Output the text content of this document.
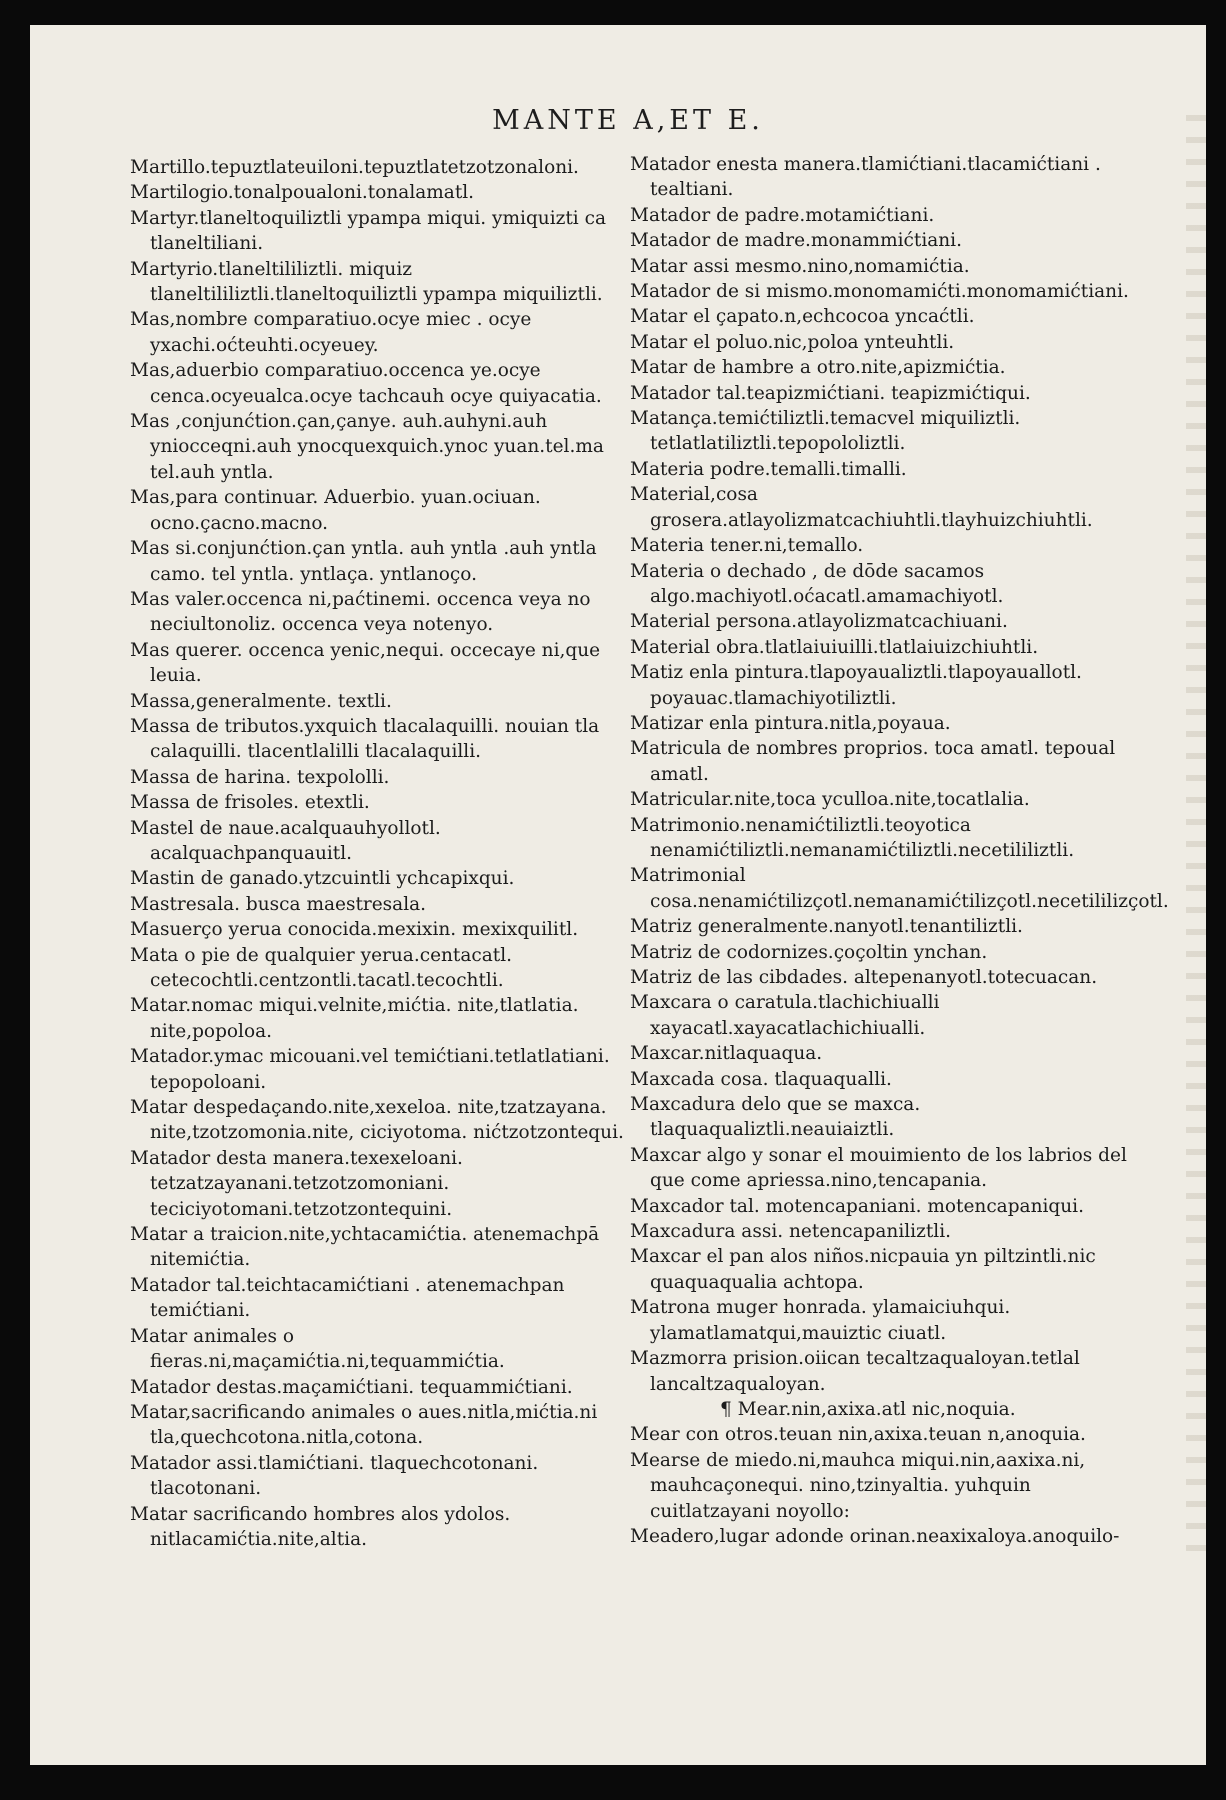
MANTE A,ET E.

Martillo.tepuztlateuiloni.tepuztlatetzotzonaloni.

Martilogio.tonalpoualoni.tonalamatl.

Martyr.tlaneltoquiliztli ypampa miqui. ymiquizti ca tlaneltiliani.

Martyrio.tlaneltililiztli. miquiz tlaneltililiztli.tlaneltoquiliztli ypampa miquiliztli.

Mas,nombre comparatiuo.ocye miec . ocye yxachi.oćteuhti.ocyeuey.

Mas,aduerbio comparatiuo.occenca ye.ocye cenca.ocyeualca.ocye tachcauh ocye quiyacatia.

Mas ,conjunćtion.çan,çanye. auh.auhyni.auh yniocceqni.auh ynocquexquich.ynoc yuan.tel.ma tel.auh yntla.

Mas,para continuar. Aduerbio. yuan.ociuan. ocno.çacno.macno.

Mas si.conjunćtion.çan yntla. auh yntla .auh yntla camo. tel yntla. yntlaça. yntlanoço.

Mas valer.occenca ni,paćtinemi. occenca veya no neciultonoliz. occenca veya notenyo.

Mas querer. occenca yenic,nequi. occecaye ni,que leuia.

Massa,generalmente. textli.

Massa de tributos.yxquich tlacalaquilli. nouian tla calaquilli. tlacentlalilli tlacalaquilli.

Massa de harina. texpololli.

Massa de frisoles. etextli.

Mastel de naue.acalquauhyollotl. acalquachpanquauitl.

Mastin de ganado.ytzcuintli ychcapixqui.

Mastresala. busca maestresala.

Masuerço yerua conocida.mexixin. mexixquilitl.

Mata o pie de qualquier yerua.centacatl. cetecochtli.centzontli.tacatl.tecochtli.

Matar.nomac miqui.velnite,mićtia. nite,tlatlatia. nite,popoloa.

Matador.ymac micouani.vel temićtiani.tetlatlatiani. tepopoloani.

Matar despedaçando.nite,xexeloa. nite,tzatzayana. nite,tzotzomonia.nite, ciciyotoma. nićtzotzontequi.

Matador desta manera.texexeloani. tetzatzayanani.tetzotzomoniani. teciciyotomani.tetzotzontequini.

Matar a traicion.nite,ychtacamićtia. atenemachpā nitemićtia.

Matador tal.teichtacamićtiani . atenemachpan temićtiani.

Matar animales o fieras.ni,maçamićtia.ni,tequammićtia.

Matador destas.maçamićtiani. tequammićtiani.

Matar,sacrificando animales o aues.nitla,mićtia.ni tla,quechcotona.nitla,cotona.

Matador assi.tlamićtiani. tlaquechcotonani. tlacotonani.

Matar sacrificando hombres alos ydolos. nitlacamićtia.nite,altia.

Matador enesta manera.tlamićtiani.tlacamićtiani . tealtiani.

Matador de padre.motamićtiani.

Matador de madre.monammićtiani.

Matar assi mesmo.nino,nomamićtia.

Matador de si mismo.monomamićti.monomamićtiani.

Matar el çapato.n,echcocoa yncaćtli.

Matar el poluo.nic,poloa ynteuhtli.

Matar de hambre a otro.nite,apizmićtia.

Matador tal.teapizmićtiani. teapizmićtiqui.

Matança.temićtiliztli.temacvel miquiliztli. tetlatlatiliztli.tepopololiztli.

Materia podre.temalli.timalli.

Material,cosa grosera.atlayolizmatcachiuhtli.tlayhuizchiuhtli.

Materia tener.ni,temallo.

Materia o dechado , de dōde sacamos algo.machiyotl.oćacatl.amamachiyotl.

Material persona.atlayolizmatcachiuani.

Material obra.tlatlaiuiuilli.tlatlaiuizchiuhtli.

Matiz enla pintura.tlapoyaualiztli.tlapoyauallotl. poyauac.tlamachiyotiliztli.

Matizar enla pintura.nitla,poyaua.

Matricula de nombres proprios. toca amatl. tepoual amatl.

Matricular.nite,toca yculloa.nite,tocatlalia.

Matrimonio.nenamićtiliztli.teoyotica nenamićtiliztli.nemanamićtiliztli.necetililiztli.

Matrimonial cosa.nenamićtilizçotl.nemanamićtilizçotl.necetililizçotl.

Matriz generalmente.nanyotl.tenantiliztli.

Matriz de codornizes.çoçoltin ynchan.

Matriz de las cibdades. altepenanyotl.totecuacan.

Maxcara o caratula.tlachichiualli xayacatl.xayacatlachichiualli.

Maxcar.nitlaquaqua.

Maxcada cosa. tlaquaqualli.

Maxcadura delo que se maxca. tlaquaqualiztli.neauiaiztli.

Maxcar algo y sonar el mouimiento de los labrios del que come apriessa.nino,tencapania.

Maxcador tal. motencapaniani. motencapaniqui.

Maxcadura assi. netencapaniliztli.

Maxcar el pan alos niños.nicpauia yn piltzintli.nic quaquaqualia achtopa.

Matrona muger honrada. ylamaiciuhqui. ylamatlamatqui,mauiztic ciuatl.

Mazmorra prision.oiican tecaltzaqualoyan.tetlal lancaltzaqualoyan.

¶ Mear.nin,axixa.atl nic,noquia.

Mear con otros.teuan nin,axixa.teuan n,anoquia.

Mearse de miedo.ni,mauhca miqui.nin,aaxixa.ni, mauhcaçonequi. nino,tzinyaltia. yuhquin cuitlatzayani noyollo:

Meadero,lugar adonde orinan.neaxixaloya.anoquilo-
